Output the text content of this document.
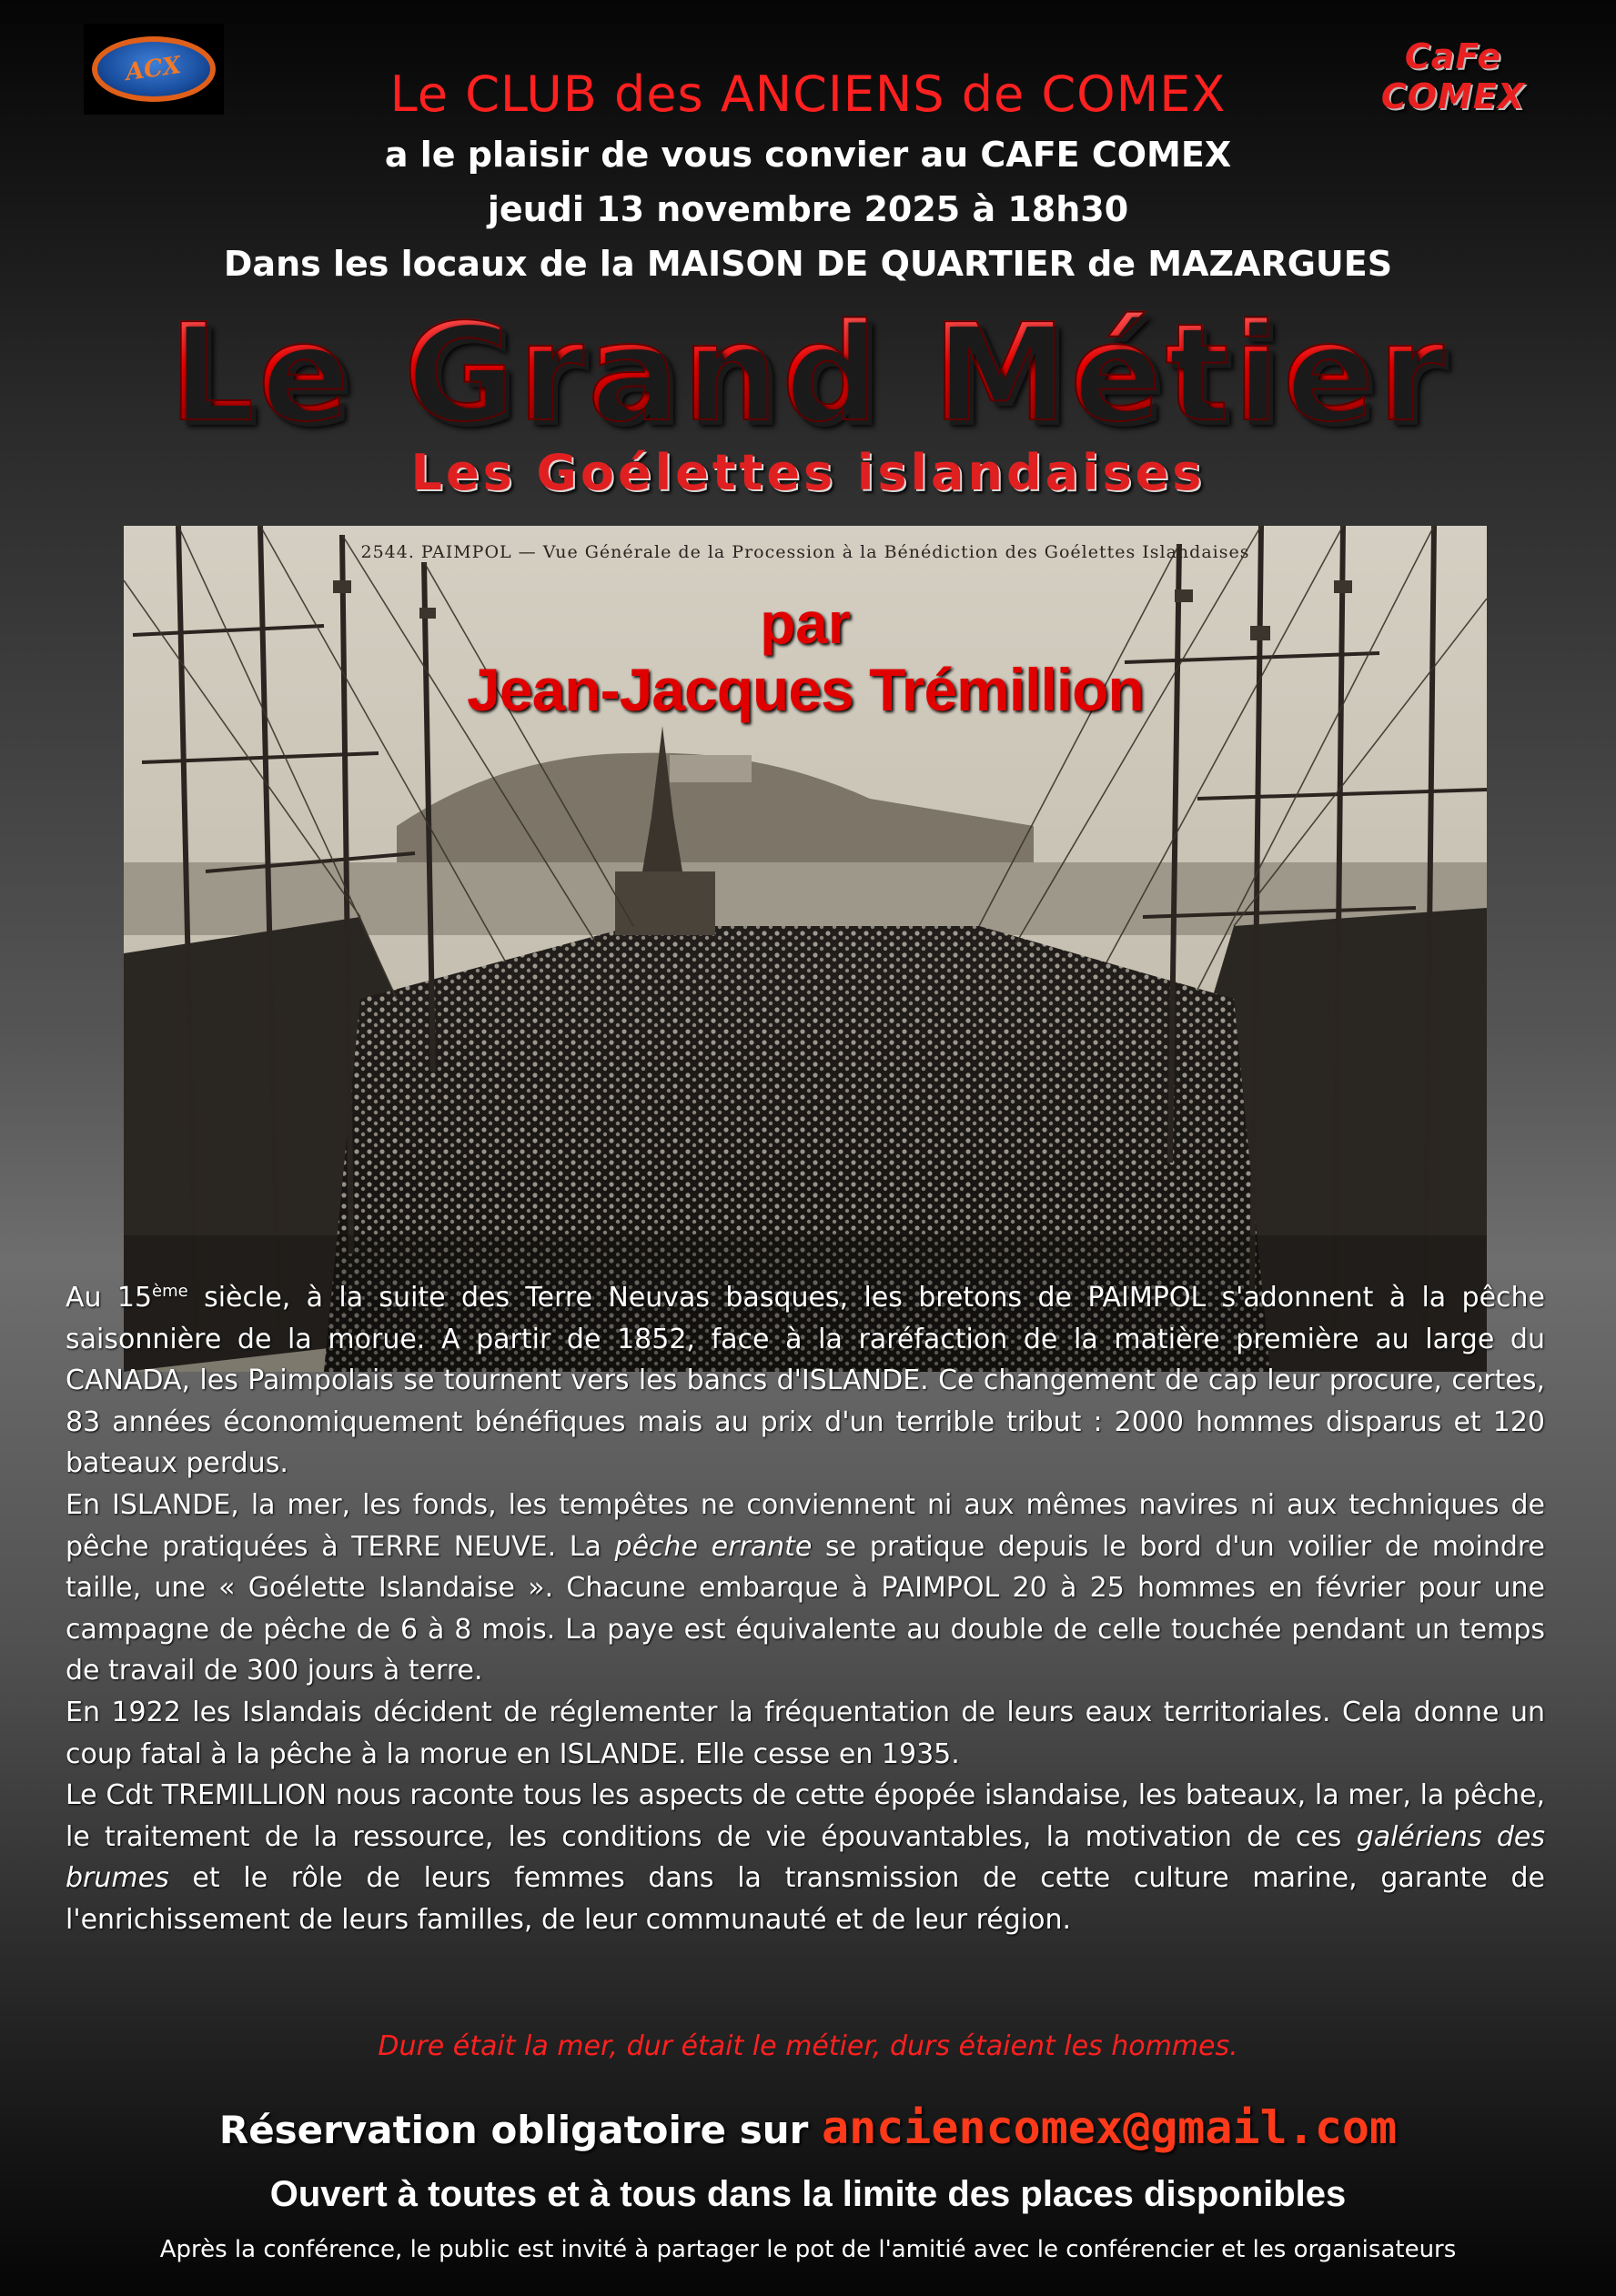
ACX	CaFe COMEX
Le CLUB des ANCIENS de COMEX
a le plaisir de vous convier au CAFE COMEX
jeudi 13 novembre 2025 à 18h30
Dans les locaux de la MAISON DE QUARTIER de MAZARGUES
Le Grand Métier
Les Goélettes islandaises
2544. PAIMPOL — Vue Générale de la Procession à la Bénédiction des Goélettes Islandaises
par
Jean-Jacques Trémillion

Au 15ème siècle, à la suite des Terre Neuvas basques, les bretons de PAIMPOL s'adonnent à la pêche saisonnière de la morue. A partir de 1852, face à la raréfaction de la matière première au large du CANADA, les Paimpolais se tournent vers les bancs d'ISLANDE. Ce changement de cap leur procure, certes, 83 années économiquement bénéfiques mais au prix d'un terrible tribut : 2000 hommes disparus et 120 bateaux perdus.

En ISLANDE, la mer, les fonds, les tempêtes ne conviennent ni aux mêmes navires ni aux techniques de pêche pratiquées à TERRE NEUVE. La pêche errante se pratique depuis le bord d'un voilier de moindre taille, une « Goélette Islandaise ». Chacune embarque à PAIMPOL 20 à 25 hommes en février pour une campagne de pêche de 6 à 8 mois. La paye est équivalente au double de celle touchée pendant un temps de travail de 300 jours à terre.

En 1922 les Islandais décident de réglementer la fréquentation de leurs eaux territoriales. Cela donne un coup fatal à la pêche à la morue en ISLANDE. Elle cesse en 1935.

Le Cdt TREMILLION nous raconte tous les aspects de cette épopée islandaise, les bateaux, la mer, la pêche, le traitement de la ressource, les conditions de vie épouvantables, la motivation de ces galériens des brumes et le rôle de leurs femmes dans la transmission de cette culture marine, garante de l'enrichissement de leurs familles, de leur communauté et de leur région.

Dure était la mer, dur était le métier, durs étaient les hommes.
Réservation obligatoire sur anciencomex@gmail.com
Ouvert à toutes et à tous dans la limite des places disponibles
Après la conférence, le public est invité à partager le pot de l'amitié avec le conférencier et les organisateurs
